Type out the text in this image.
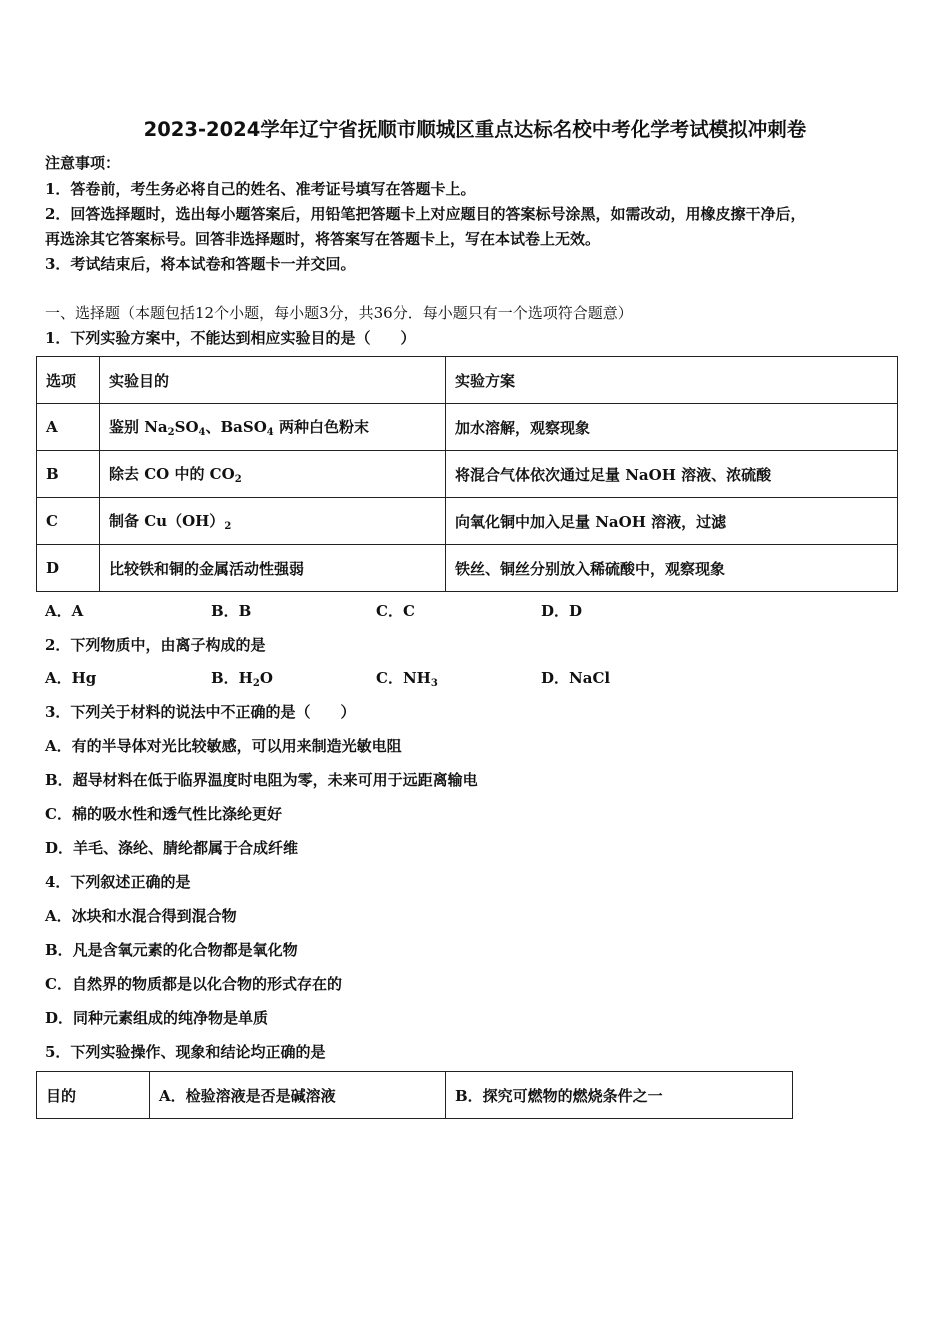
2023-2024学年辽宁省抚顺市顺城区重点达标名校中考化学考试模拟冲刺卷
注意事项：
1．答卷前，考生务必将自己的姓名、准考证号填写在答题卡上。
2．回答选择题时，选出每小题答案后，用铅笔把答题卡上对应题目的答案标号涂黑，如需改动，用橡皮擦干净后，
再选涂其它答案标号。回答非选择题时，将答案写在答题卡上，写在本试卷上无效。
3．考试结束后，将本试卷和答题卡一并交回。
一、选择题（本题包括12个小题，每小题3分，共36分．每小题只有一个选项符合题意）
1．下列实验方案中，不能达到相应实验目的是（　　）
选项	实验目的	实验方案
A	鉴别 $Na_2SO_4$、BaSO$_4$ 两种白色粉末	加水溶解，观察现象
B	除去 CO 中的 $CO_2$	将混合气体依次通过足量 NaOH 溶液、浓硫酸
C	制备 $Cu(OH)_2$	向氧化铜中加入足量 NaOH 溶液，过滤
D	比较铁和铜的金属活动性强弱	铁丝、铜丝分别放入稀硫酸中，观察现象
A．A	B．B	C．C	D．D
2．下列物质中，由离子构成的是
A．Hg	B．$H_2O$	C．$NH_3$	D．NaCl
3．下列关于材料的说法中不正确的是（　　）
A．有的半导体对光比较敏感，可以用来制造光敏电阻
B．超导材料在低于临界温度时电阻为零，未来可用于远距离输电
C．棉的吸水性和透气性比涤纶更好
D．羊毛、涤纶、腈纶都属于合成纤维
4．下列叙述正确的是
A．冰块和水混合得到混合物
B．凡是含氧元素的化合物都是氧化物
C．自然界的物质都是以化合物的形式存在的
D．同种元素组成的纯净物是单质
5．下列实验操作、现象和结论均正确的是
目的	A．检验溶液是否是碱溶液	B．探究可燃物的燃烧条件之一
